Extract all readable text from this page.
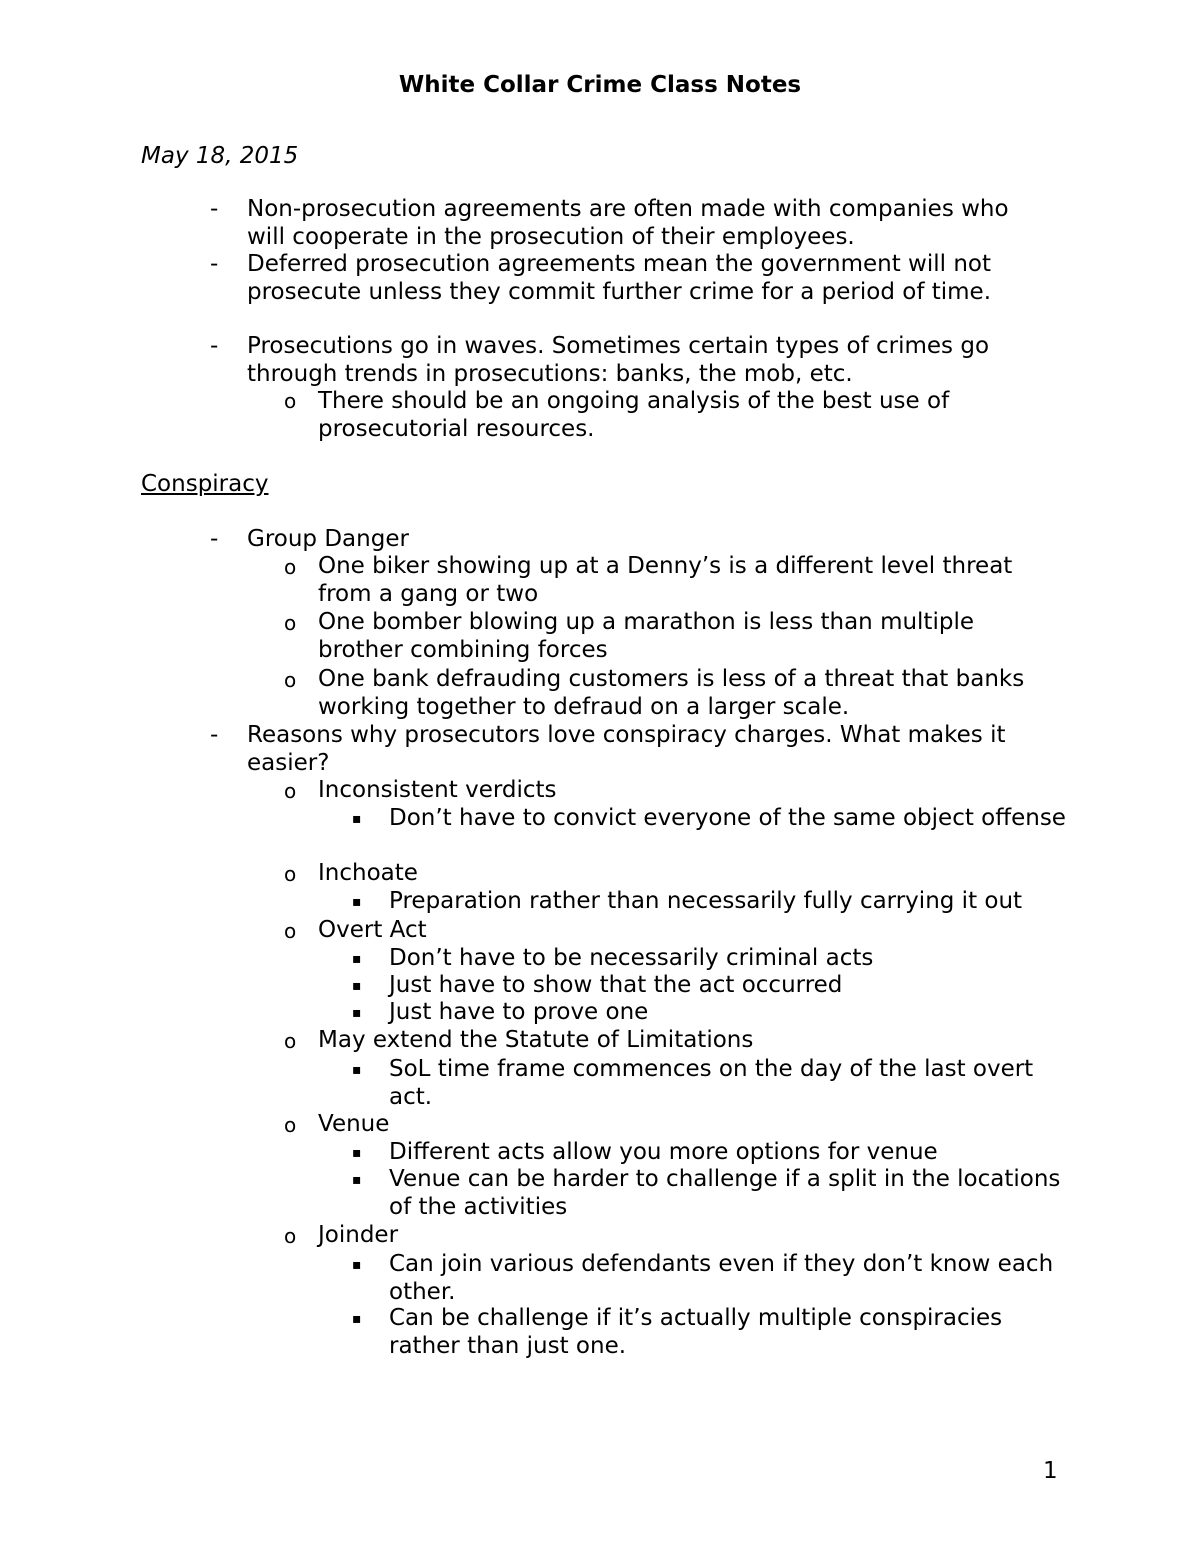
White Collar Crime Class Notes
May 18, 2015
- Non-prosecution agreements are often made with companies who will cooperate in the prosecution of their employees.
- Deferred prosecution agreements mean the government will not prosecute unless they commit further crime for a period of time.
- Prosecutions go in waves. Sometimes certain types of crimes go through trends in prosecutions: banks, the mob, etc.
o There should be an ongoing analysis of the best use of prosecutorial resources.
Conspiracy
- Group Danger
o One biker showing up at a Denny’s is a different level threat from a gang or two
o One bomber blowing up a marathon is less than multiple brother combining forces
o One bank defrauding customers is less of a threat that banks working together to defraud on a larger scale.
- Reasons why prosecutors love conspiracy charges. What makes it easier?
o Inconsistent verdicts
▪ Don’t have to convict everyone of the same object offense
o Inchoate
▪ Preparation rather than necessarily fully carrying it out
o Overt Act
▪ Don’t have to be necessarily criminal acts
▪ Just have to show that the act occurred
▪ Just have to prove one
o May extend the Statute of Limitations
▪ SoL time frame commences on the day of the last overt act.
o Venue
▪ Different acts allow you more options for venue
▪ Venue can be harder to challenge if a split in the locations of the activities
o Joinder
▪ Can join various defendants even if they don’t know each other.
▪ Can be challenge if it’s actually multiple conspiracies rather than just one.
1
